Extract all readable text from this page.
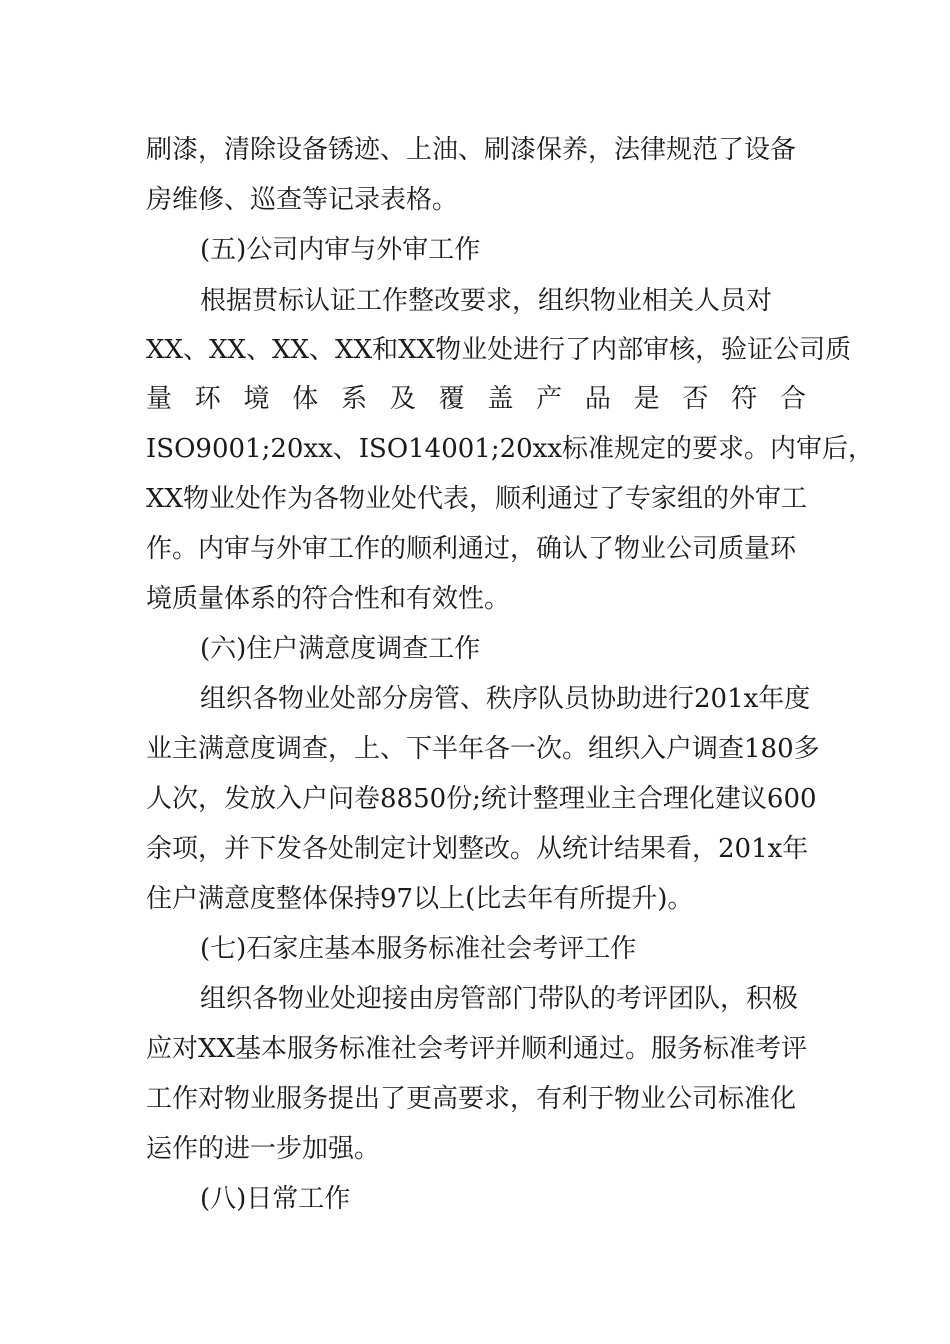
刷漆，清除设备锈迹、上油、刷漆保养，法律规范了设备
房维修、巡查等记录表格。
(五)公司内审与外审工作
根据贯标认证工作整改要求，组织物业相关人员对
XX、XX、XX、XX和XX物业处进行了内部审核，验证公司质
量 环 境 体 系 及 覆 盖 产 品 是 否 符 合
ISO9001;20xx、ISO14001;20xx标准规定的要求。内审后，
XX物业处作为各物业处代表，顺利通过了专家组的外审工
作。内审与外审工作的顺利通过，确认了物业公司质量环
境质量体系的符合性和有效性。
(六)住户满意度调查工作
组织各物业处部分房管、秩序队员协助进行201x年度
业主满意度调查，上、下半年各一次。组织入户调查180多
人次，发放入户问卷8850份;统计整理业主合理化建议600
余项，并下发各处制定计划整改。从统计结果看，201x年
住户满意度整体保持97以上(比去年有所提升)。
(七)石家庄基本服务标准社会考评工作
组织各物业处迎接由房管部门带队的考评团队，积极
应对XX基本服务标准社会考评并顺利通过。服务标准考评
工作对物业服务提出了更高要求，有利于物业公司标准化
运作的进一步加强。
(八)日常工作
